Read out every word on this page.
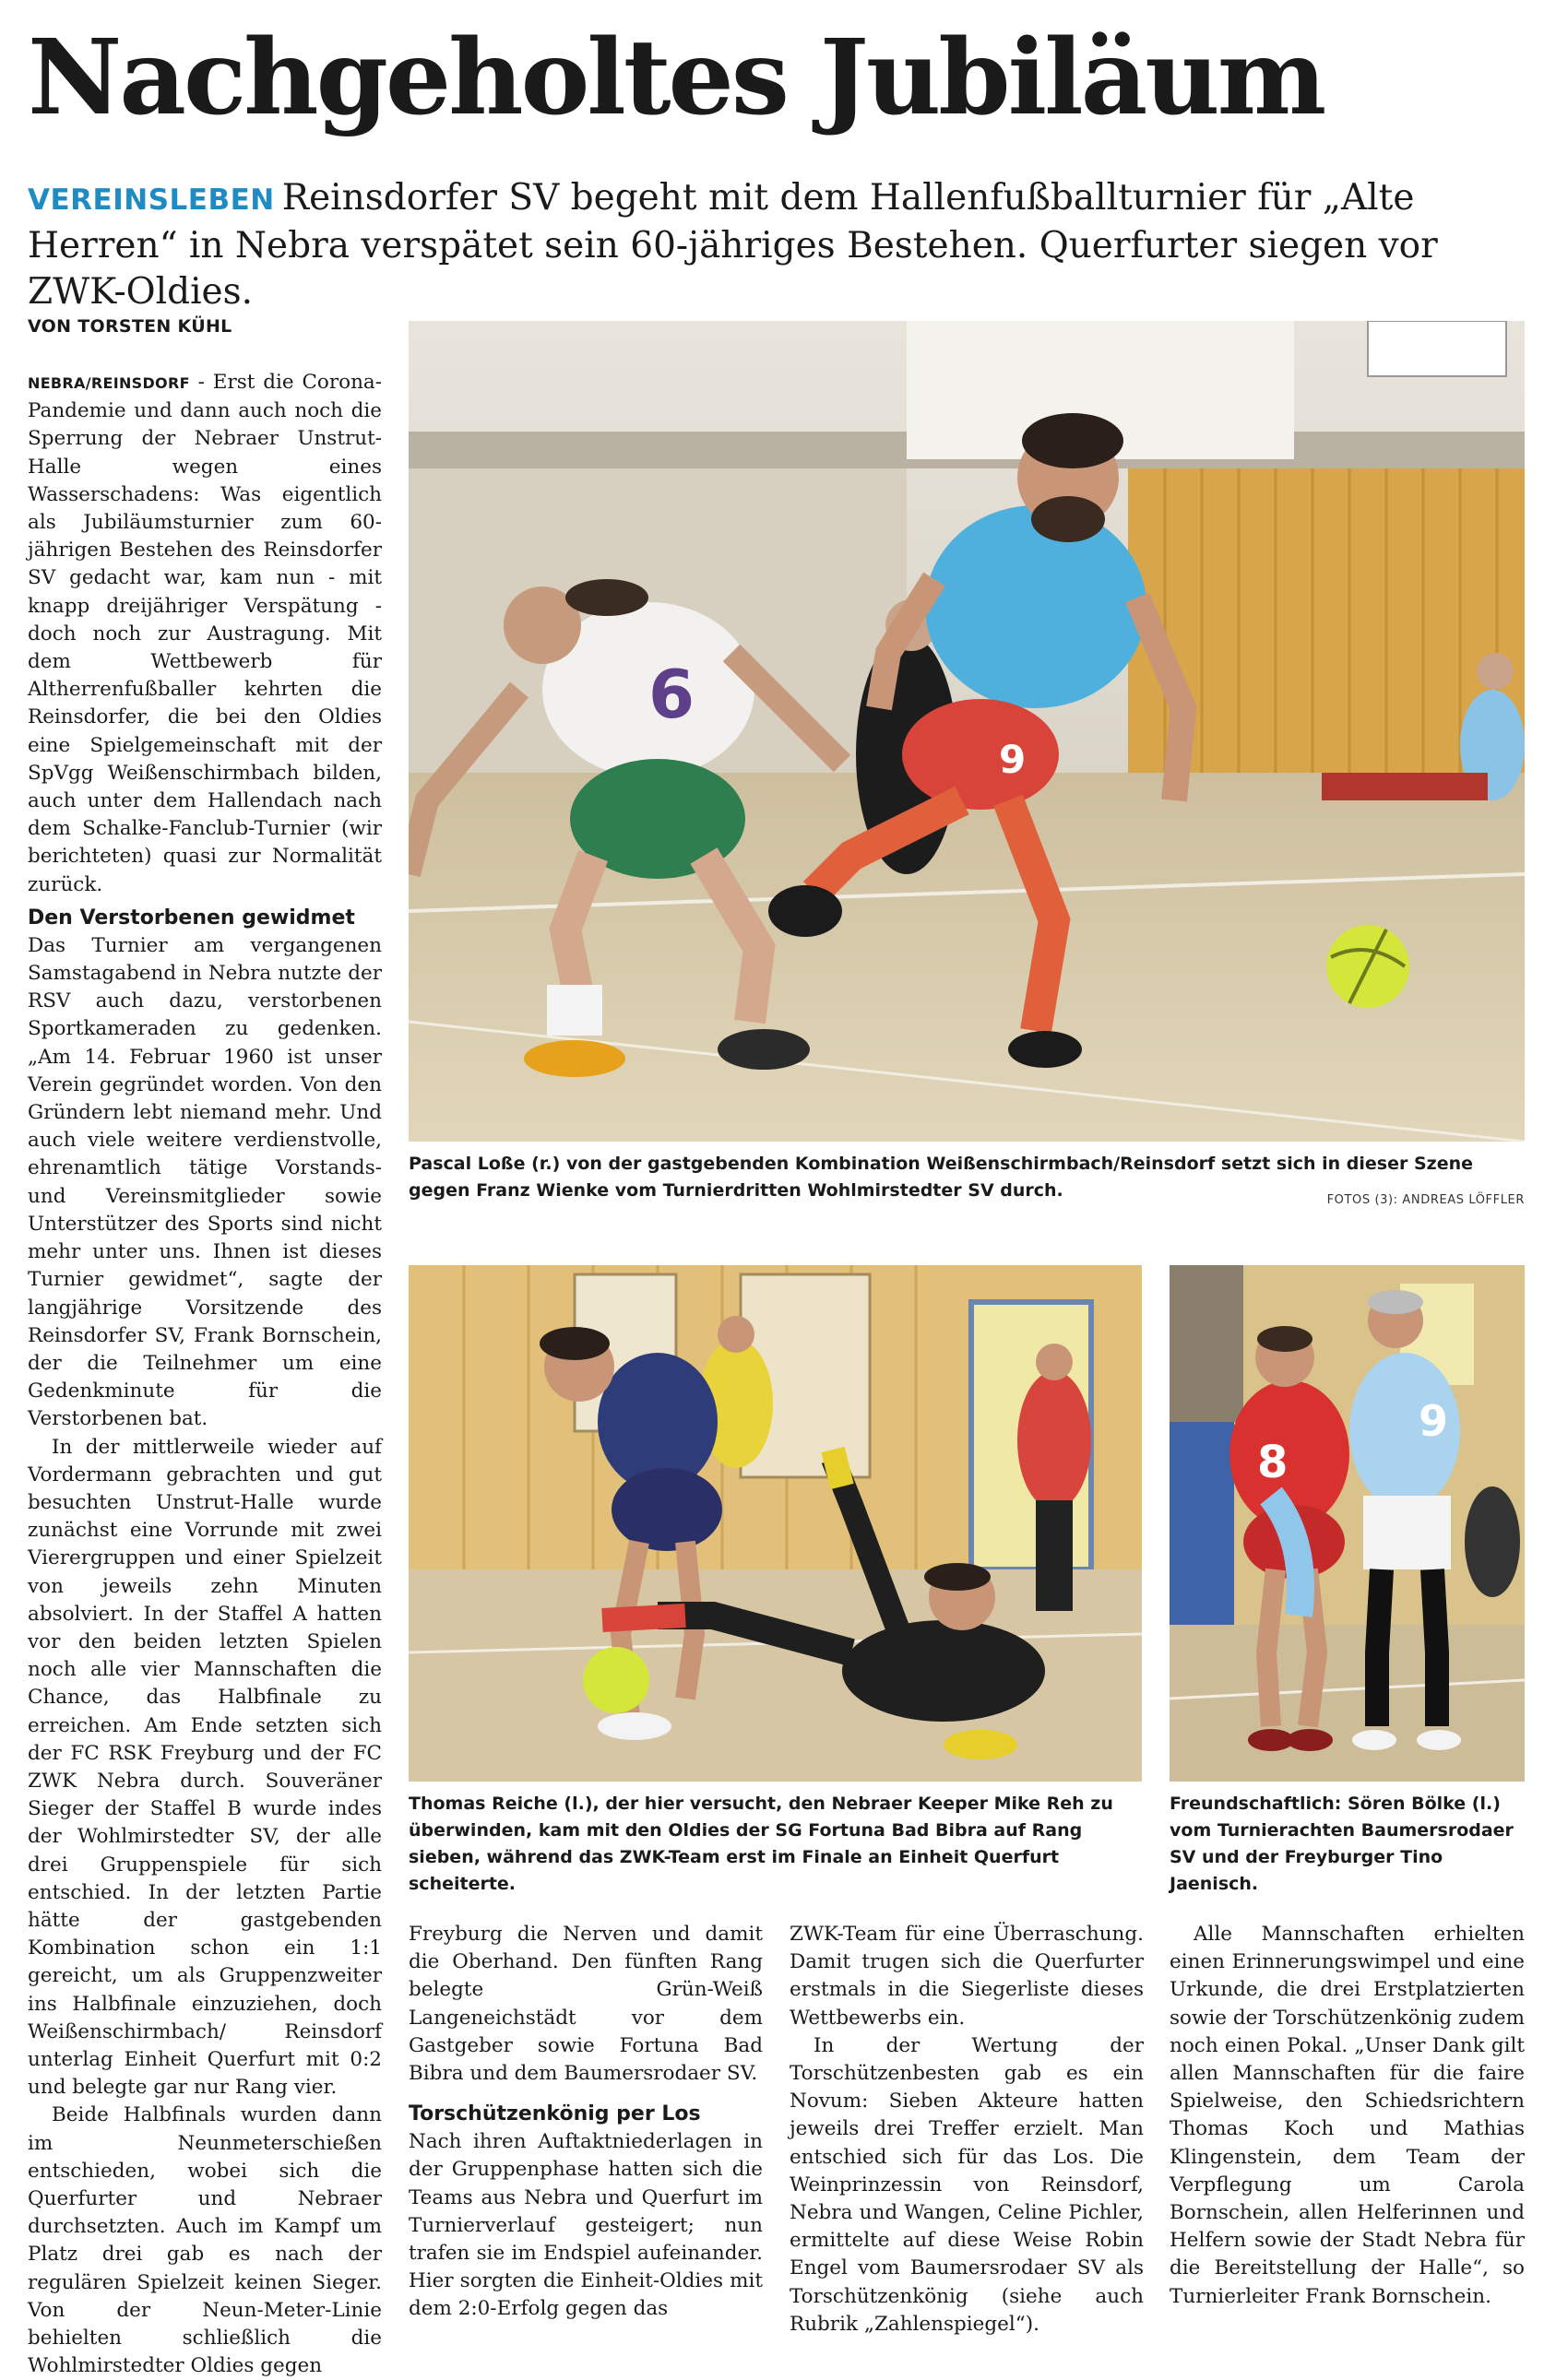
Nachgeholtes Jubiläum
VEREINSLEBEN Reinsdorfer SV begeht mit dem Hallenfußballturnier für „Alte Herren“ in Nebra verspätet sein 60-jähriges Bestehen. Querfurter siegen vor ZWK-Oldies.
VON TORSTEN KÜHL

NEBRA/REINSDORF - Erst die Corona-Pandemie und dann auch noch die Sperrung der Nebraer Unstrut-Halle wegen eines Wasserschadens: Was eigentlich als Jubiläumsturnier zum 60-jährigen Bestehen des Reinsdorfer SV gedacht war, kam nun - mit knapp dreijähriger Verspätung - doch noch zur Austragung. Mit dem Wettbewerb für Altherrenfußballer kehrten die Reinsdorfer, die bei den Oldies eine Spielgemeinschaft mit der SpVgg Weißenschirmbach bilden, auch unter dem Hallendach nach dem Schalke-Fanclub-Turnier (wir berichteten) quasi zur Normalität zurück.

Den Verstorbenen gewidmet

Das Turnier am vergangenen Samstagabend in Nebra nutzte der RSV auch dazu, verstorbenen Sportkameraden zu gedenken. „Am 14. Februar 1960 ist unser Verein gegründet worden. Von den Gründern lebt niemand mehr. Und auch viele weitere verdienstvolle, ehrenamtlich tätige Vorstands- und Vereinsmitglieder sowie Unterstützer des Sports sind nicht mehr unter uns. Ihnen ist dieses Turnier gewidmet“, sagte der langjährige Vorsitzende des Reinsdorfer SV, Frank Bornschein, der die Teilnehmer um eine Gedenkminute für die Verstorbenen bat.

In der mittlerweile wieder auf Vordermann gebrachten und gut besuchten Unstrut-Halle wurde zunächst eine Vorrunde mit zwei Vierergruppen und einer Spielzeit von jeweils zehn Minuten absolviert. In der Staffel A hatten vor den beiden letzten Spielen noch alle vier Mannschaften die Chance, das Halbfinale zu erreichen. Am Ende setzten sich der FC RSK Freyburg und der FC ZWK Nebra durch. Souveräner Sieger der Staffel B wurde indes der Wohlmirstedter SV, der alle drei Gruppenspiele für sich entschied. In der letzten Partie hätte der gastgebenden Kombination schon ein 1:1 gereicht, um als Gruppenzweiter ins Halbfinale einzuziehen, doch Weißenschirmbach/ Reinsdorf unterlag Einheit Querfurt mit 0:2 und belegte gar nur Rang vier.

Beide Halbfinals wurden dann im Neunmeterschießen entschieden, wobei sich die Querfurter und Nebraer durchsetzten. Auch im Kampf um Platz drei gab es nach der regulären Spielzeit keinen Sieger. Von der Neun-Meter-Linie behielten schließlich die Wohlmirstedter Oldies gegen

6
9
Pascal Loße (r.) von der gastgebenden Kombination Weißenschirmbach/Reinsdorf setzt sich in dieser Szene gegen Franz Wienke vom Turnierdritten Wohlmirstedter SV durch.	FOTOS (3): ANDREAS LÖFFLER
Thomas Reiche (l.), der hier versucht, den Nebraer Keeper Mike Reh zu überwinden, kam mit den Oldies der SG Fortuna Bad Bibra auf Rang sieben, während das ZWK-Team erst im Finale an Einheit Querfurt scheiterte.
8
9
Freundschaftlich: Sören Bölke (l.) vom Turnierachten Baumersrodaer SV und der Freyburger Tino Jaenisch.

Freyburg die Nerven und damit die Oberhand. Den fünften Rang belegte Grün-Weiß Langeneichstädt vor dem Gastgeber sowie Fortuna Bad Bibra und dem Baumersrodaer SV.

Torschützenkönig per Los

Nach ihren Auftaktniederlagen in der Gruppenphase hatten sich die Teams aus Nebra und Querfurt im Turnierverlauf gesteigert; nun trafen sie im Endspiel aufeinander. Hier sorgten die Einheit-Oldies mit dem 2:0-Erfolg gegen das

ZWK-Team für eine Überraschung. Damit trugen sich die Querfurter erstmals in die Siegerliste dieses Wettbewerbs ein.

In der Wertung der Torschützenbesten gab es ein Novum: Sieben Akteure hatten jeweils drei Treffer erzielt. Man entschied sich für das Los. Die Weinprinzessin von Reinsdorf, Nebra und Wangen, Celine Pichler, ermittelte auf diese Weise Robin Engel vom Baumersrodaer SV als Torschützenkönig (siehe auch Rubrik „Zahlenspiegel“).

Alle Mannschaften erhielten einen Erinnerungswimpel und eine Urkunde, die drei Erstplatzierten sowie der Torschützenkönig zudem noch einen Pokal. „Unser Dank gilt allen Mannschaften für die faire Spielweise, den Schiedsrichtern Thomas Koch und Mathias Klingenstein, dem Team der Verpflegung um Carola Bornschein, allen Helferinnen und Helfern sowie der Stadt Nebra für die Bereitstellung der Halle“, so Turnierleiter Frank Bornschein.
